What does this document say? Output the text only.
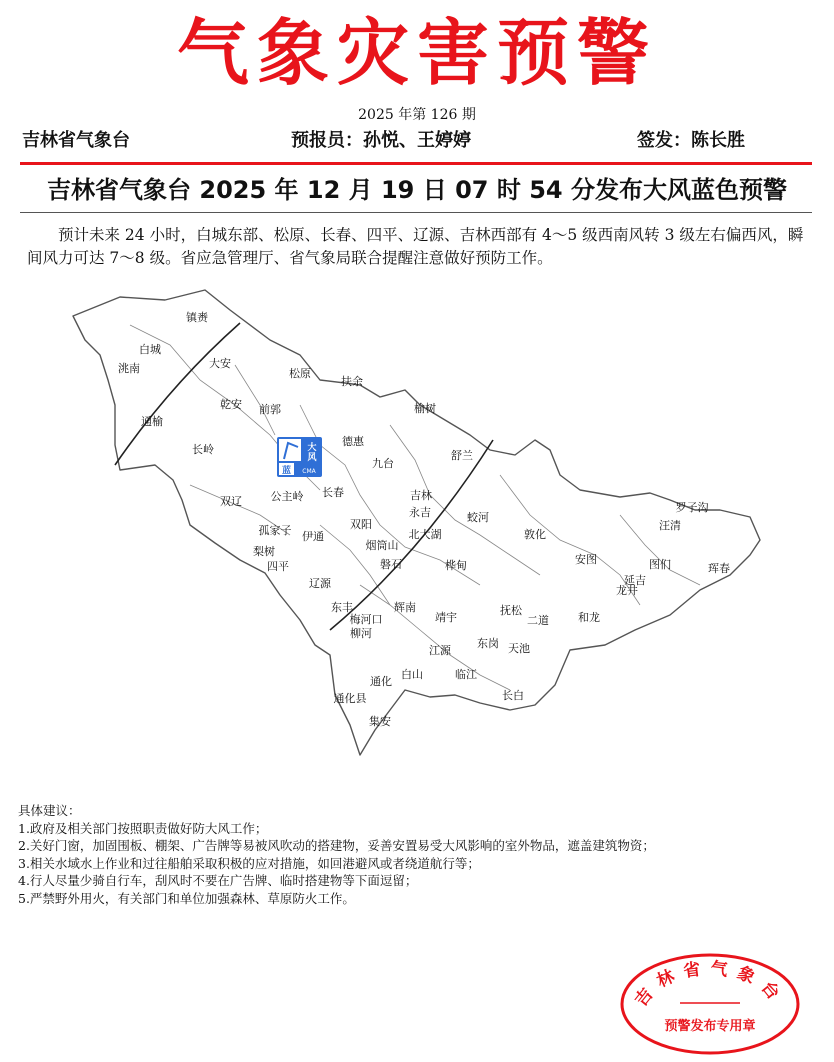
气象灾害预警
2025 年第 126 期
吉林省气象台	预报员：孙悦、王婷婷	签发：陈长胜
吉林省气象台 2025 年 12 月 19 日 07 时 54 分发布大风蓝色预警
预计未来 24 小时，白城东部、松原、长春、四平、辽源、吉林西部有 4～5 级西南风转 3 级左右偏西风，瞬间风力可达 7～8 级。省应急管理厅、省气象局联合提醒注意做好预防工作。
大
风
蓝 CMA
镇赉
白城
洮南	大安
松原
扶余
乾安 前郭
通榆
榆树
长岭
德惠
九台
舒兰
双辽	公主岭 长春	吉林
永吉	蛟河
孤家子 伊通
双阳
烟筒山
北大湖	敦化
汪清
罗子沟
梨树
四平	磐石	桦甸	安图	图们	珲春
辽源	延吉
龙井
东丰
梅河口
辉南	抚松
二道	和龙
柳河
靖宇
东岗 天池
江源
通化
白山	临江
通化县	长白
集安
具体建议：
1.政府及相关部门按照职责做好防大风工作；
2.关好门窗，加固围板、棚架、广告牌等易被风吹动的搭建物，妥善安置易受大风影响的室外物品，遮盖建筑物资；
3.相关水域水上作业和过往船舶采取积极的应对措施，如回港避风或者绕道航行等；
4.行人尽量少骑自行车，刮风时不要在广告牌、临时搭建物等下面逗留；
5.严禁野外用火，有关部门和单位加强森林、草原防火工作。
吉林省气象台
预警发布专用章
